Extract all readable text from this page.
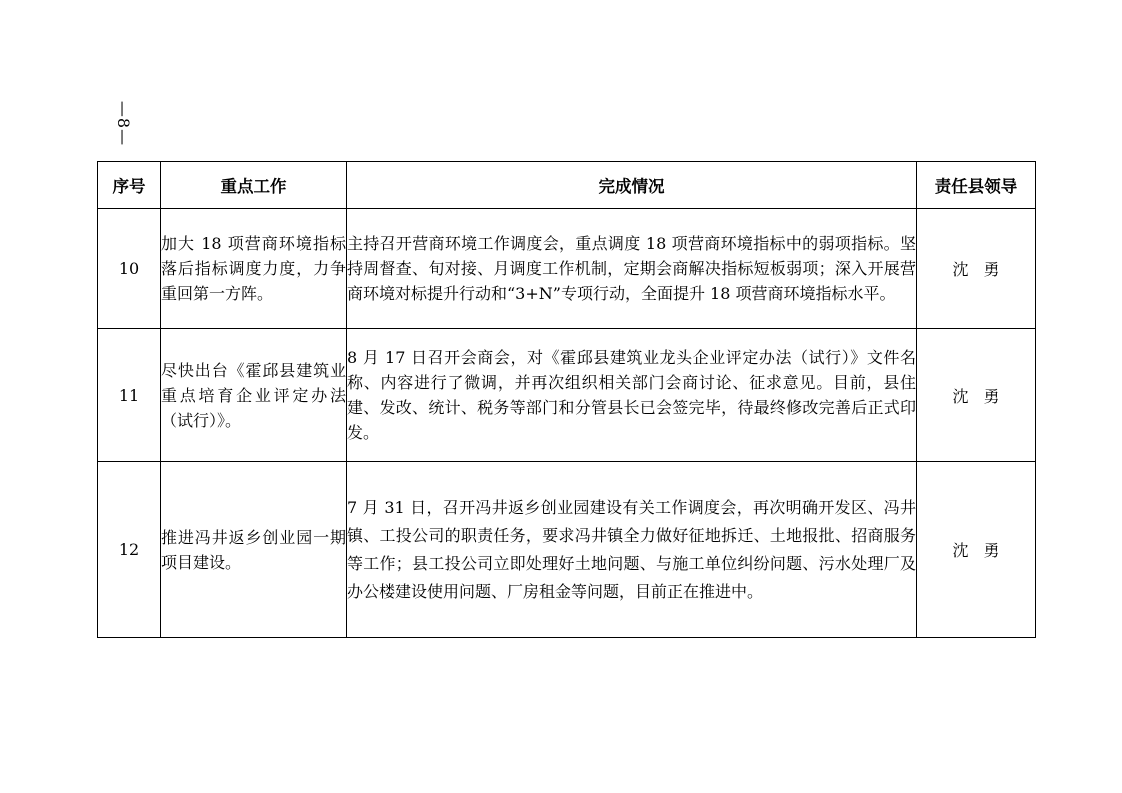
—8—
序号	重点工作	完成情况	责任县领导
10	加大 18 项营商环境指标落后指标调度力度，力争重回第一方阵。	主持召开营商环境工作调度会，重点调度 18 项营商环境指标中的弱项指标。坚持周督查、旬对接、月调度工作机制，定期会商解决指标短板弱项；深入开展营商环境对标提升行动和“3+N”专项行动，全面提升 18 项营商环境指标水平。	沈勇
11	尽快出台《霍邱县建筑业重点培育企业评定办法（试行）》。	8 月 17 日召开会商会，对《霍邱县建筑业龙头企业评定办法（试行）》文件名称、内容进行了微调，并再次组织相关部门会商讨论、征求意见。目前，县住建、发改、统计、税务等部门和分管县长已会签完毕，待最终修改完善后正式印发。	沈勇
12	推进冯井返乡创业园一期项目建设。	7 月 31 日，召开冯井返乡创业园建设有关工作调度会，再次明确开发区、冯井镇、工投公司的职责任务，要求冯井镇全力做好征地拆迁、土地报批、招商服务等工作；县工投公司立即处理好土地问题、与施工单位纠纷问题、污水处理厂及办公楼建设使用问题、厂房租金等问题，目前正在推进中。	沈勇
